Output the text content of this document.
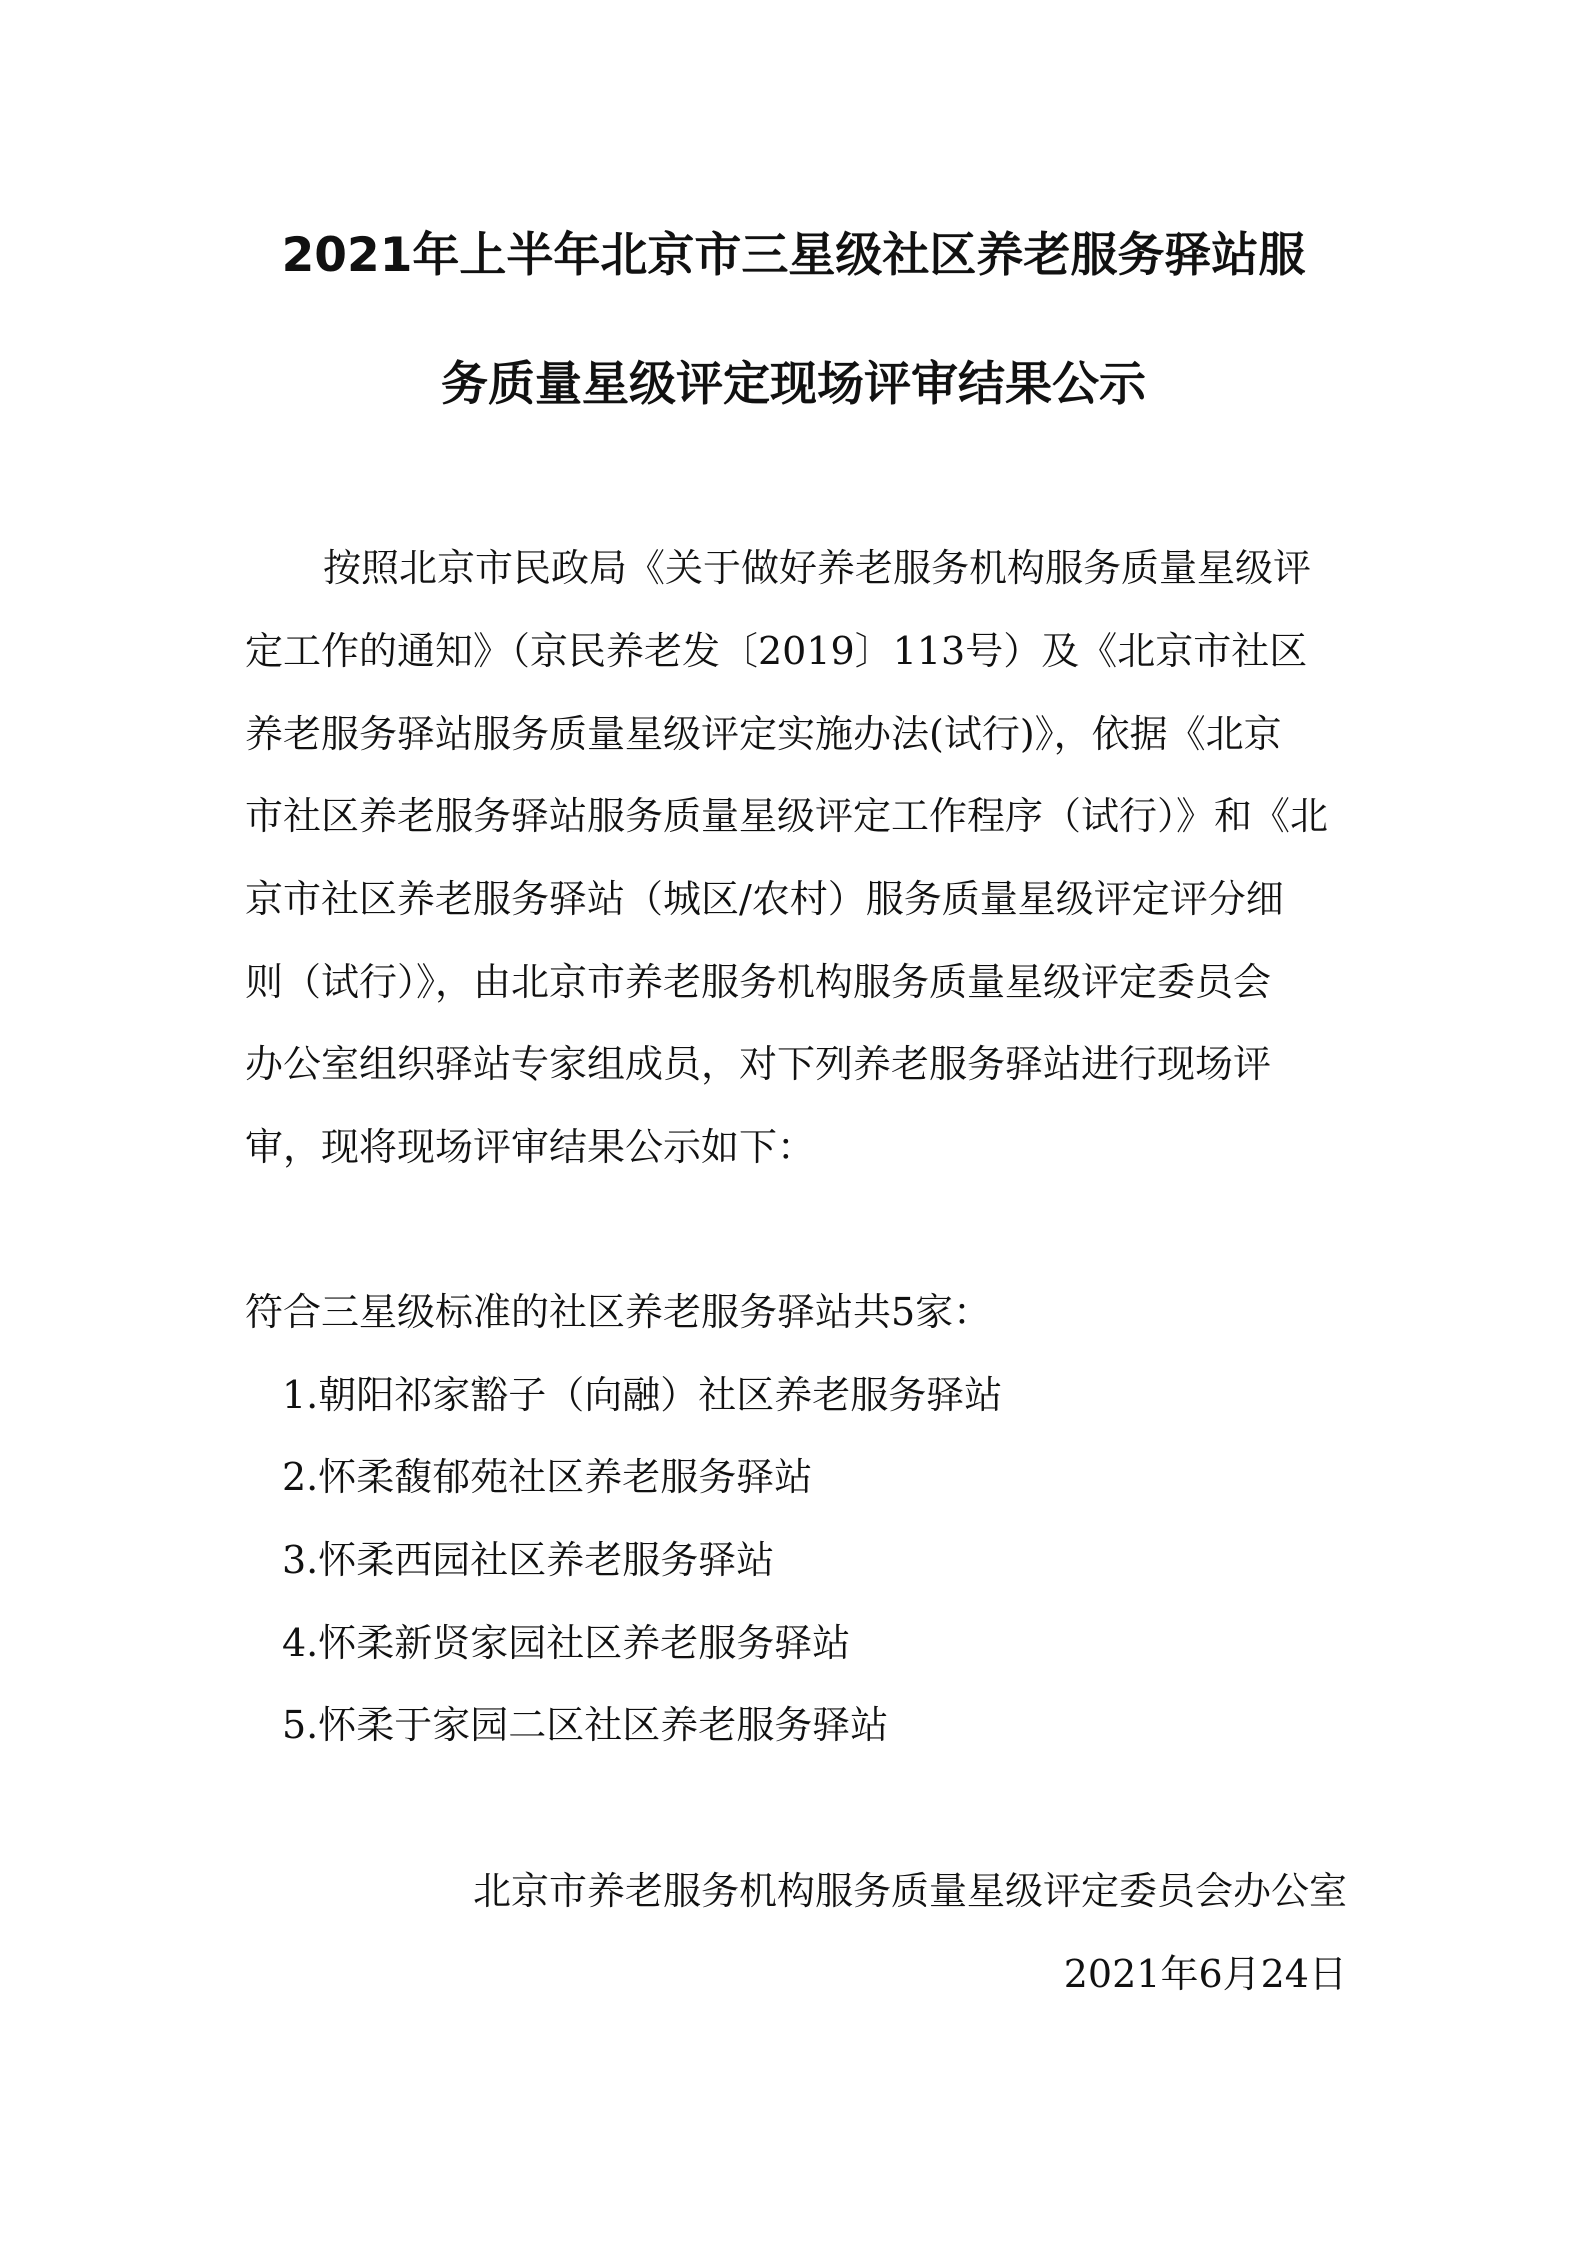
2021年上半年北京市三星级社区养老服务驿站服
务质量星级评定现场评审结果公示
按照北京市民政局《关于做好养老服务机构服务质量星级评
定工作的通知》（京民养老发〔2019〕113号）及《北京市社区
养老服务驿站服务质量星级评定实施办法(试行)》，依据《北京
市社区养老服务驿站服务质量星级评定工作程序（试行）》和《北
京市社区养老服务驿站（城区/农村）服务质量星级评定评分细
则（试行）》，由北京市养老服务机构服务质量星级评定委员会
办公室组织驿站专家组成员，对下列养老服务驿站进行现场评
审，现将现场评审结果公示如下：
符合三星级标准的社区养老服务驿站共5家：
1.朝阳祁家豁子（向融）社区养老服务驿站
2.怀柔馥郁苑社区养老服务驿站
3.怀柔西园社区养老服务驿站
4.怀柔新贤家园社区养老服务驿站
5.怀柔于家园二区社区养老服务驿站
北京市养老服务机构服务质量星级评定委员会办公室
2021年6月24日
